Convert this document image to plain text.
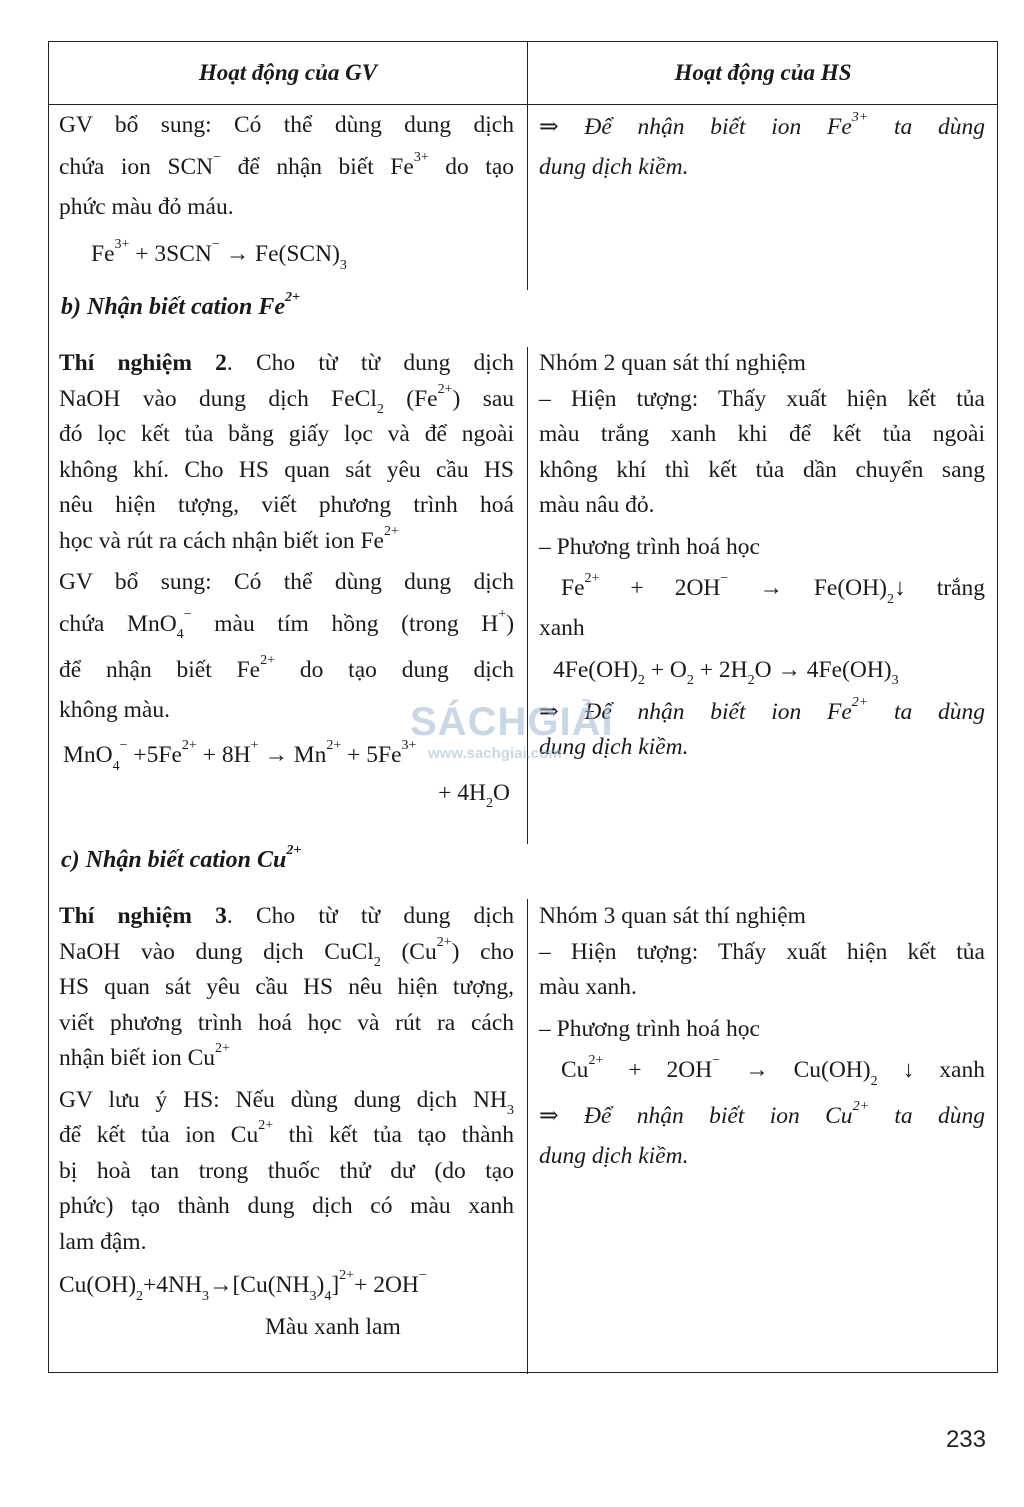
Hoạt động của GV	Hoạt động của HS

GV bổ sung: Có thể dùng dung dịch

chứa ion SCN− để nhận biết $Fe^{3+}$ do tạo

phức màu đỏ máu.

$Fe^{3+} + 3SCN^- \to Fe(SCN)_3$

⇒ Để nhận biết ion $Fe^{3+}$ ta dùng

dung dịch kiềm.

b) Nhận biết cation $Fe^{2+}$

Thí nghiệm 2. Cho từ từ dung dịch

NaOH vào dung dịch FeCl$_2$ $(Fe^{2+})$ sau

đó lọc kết tủa bằng giấy lọc và để ngoài

không khí. Cho HS quan sát yêu cầu HS

nêu hiện tượng, viết phương trình hoá

học và rút ra cách nhận biết ion $Fe^{2+}$

GV bổ sung: Có thể dùng dung dịch

chứa MnO$_4$− màu tím hồng (trong H+)

để nhận biết $Fe^{2+}$ do tạo dung dịch

không màu.

$MnO_4^- +5Fe^{2+} + 8H^+ \to Mn^{2+} + 5Fe^{3+}$

+ $4H_2O$

Nhóm 2 quan sát thí nghiệm

– Hiện tượng: Thấy xuất hiện kết tủa

màu trắng xanh khi để kết tủa ngoài

không khí thì kết tủa dần chuyển sang

màu nâu đỏ.

– Phương trình hoá học

$Fe^{2+} + 2OH^-$ → $Fe(OH)_2↓$ trắng

xanh

$4Fe(OH)_2 + O_2 + 2H_2O \to 4Fe(OH)_3$

⇒ Để nhận biết ion $Fe^{2+}$ ta dùng

dung dịch kiềm.

c) Nhận biết cation $Cu^{2+}$

Thí nghiệm 3. Cho từ từ dung dịch

NaOH vào dung dịch CuCl$_2$ $(Cu^{2+})$ cho

HS quan sát yêu cầu HS nêu hiện tượng,

viết phương trình hoá học và rút ra cách

nhận biết ion $Cu^{2+}$

GV lưu ý HS: Nếu dùng dung dịch $NH_3$

để kết tủa ion $Cu^{2+}$ thì kết tủa tạo thành

bị hoà tan trong thuốc thử dư (do tạo

phức) tạo thành dung dịch có màu xanh

lam đậm.

$Cu(OH)_2+4NH_3\to[Cu(NH_3)_4]^{2+}+ 2OH^-$

Màu xanh lam

Nhóm 3 quan sát thí nghiệm

– Hiện tượng: Thấy xuất hiện kết tủa

màu xanh.

– Phương trình hoá học

$Cu^{2+} + 2OH^- \to Cu(OH)_2$ ↓ xanh

⇒ Để nhận biết ion $Cu^{2+}$ ta dùng

dung dịch kiềm.

SÁCHGIẢI
www.sachgiai.com
233
